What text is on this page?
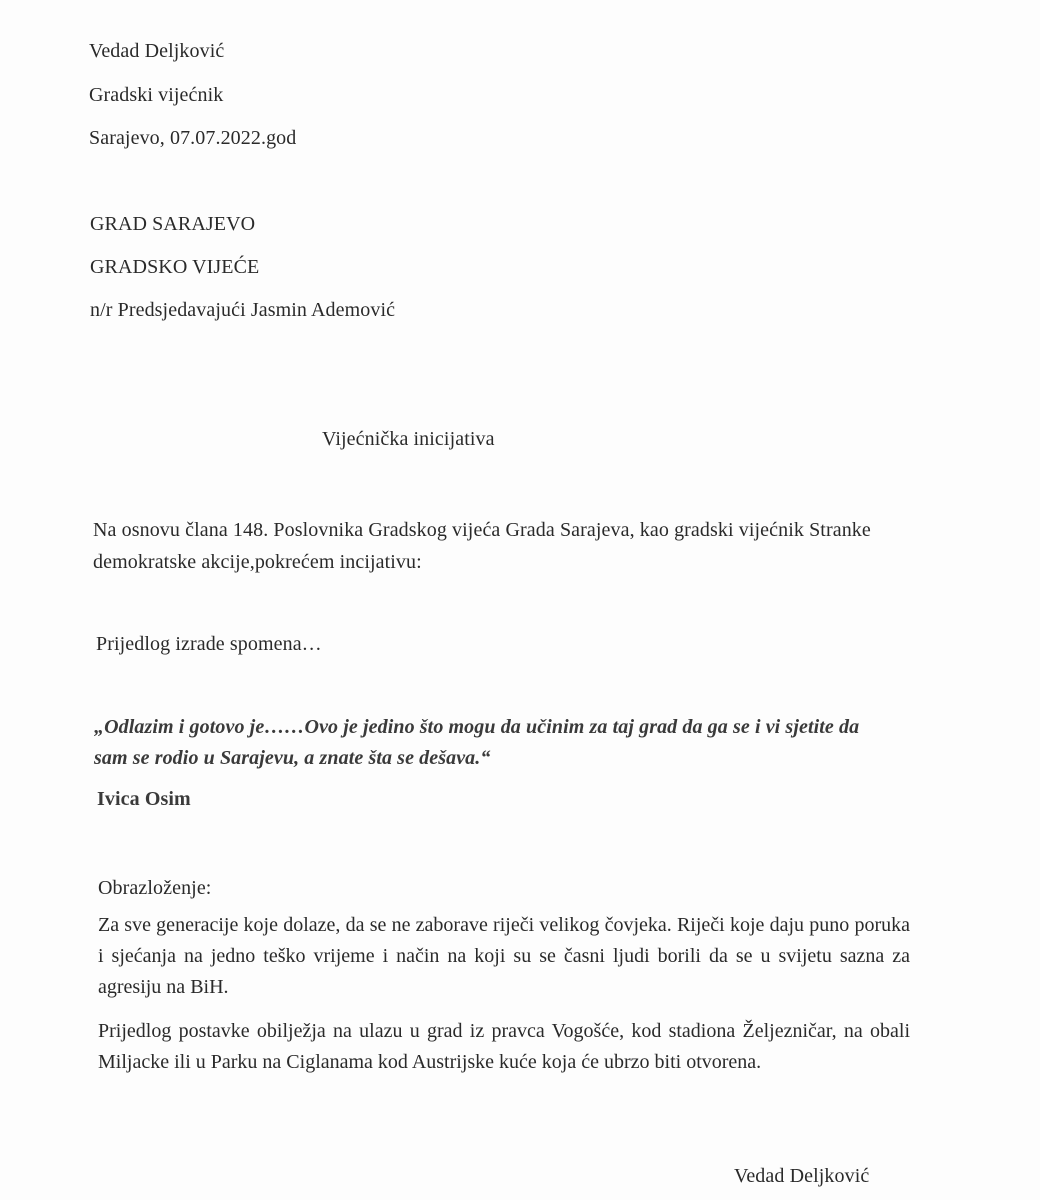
Vedad Deljković

Gradski vijećnik

Sarajevo, 07.07.2022.god

GRAD SARAJEVO

GRADSKO VIJEĆE

n/r Predsjedavajući Jasmin Ademović

Vijećnička inicijativa

Na osnovu člana 148. Poslovnika Gradskog vijeća Grada Sarajeva, kao gradski vijećnik Stranke

demokratske akcije,pokrećem incijativu:

Prijedlog izrade spomena…

„Odlazim i gotovo je……Ovo je jedino što mogu da učinim za taj grad da ga se i vi sjetite da

sam se rodio u Sarajevu, a znate šta se dešava.“

Ivica Osim

Obrazloženje:

Za sve generacije koje dolaze, da se ne zaborave riječi velikog čovjeka. Riječi koje daju puno poruka i sjećanja na jedno teško vrijeme i način na koji su se časni ljudi borili da se u svijetu sazna za agresiju na BiH.

Prijedlog postavke obilježja na ulazu u grad iz pravca Vogošće, kod stadiona Željezničar, na obali Miljacke ili u Parku na Ciglanama kod Austrijske kuće koja će ubrzo biti otvorena.

Vedad Deljković
